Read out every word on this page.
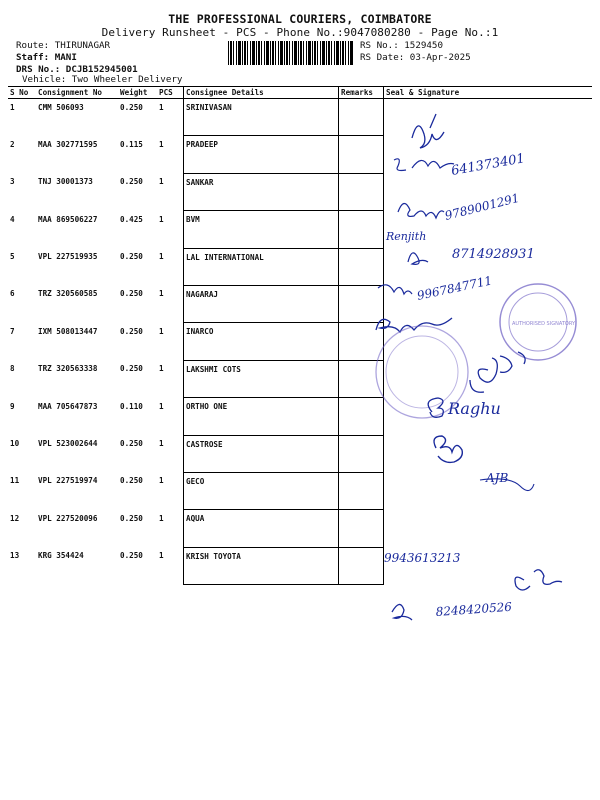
THE PROFESSIONAL COURIERS, COIMBATORE
Delivery Runsheet - PCS - Phone No.:9047080280 - Page No.:1
Route: THIRUNAGAR
Staff: MANI
DRS No.: DCJB152945001
Vehicle: Two Wheeler Delivery
RS No.: 1529450
RS Date: 03-Apr-2025
S No	Consignment No	Weight	PCS	Consignee Details	Remarks	Seal & Signature
1	CMM 506093	0.250	1	SRINIVASAN		
2	MAA 302771595	0.115	1	PRADEEP		
3	TNJ 30001373	0.250	1	SANKAR		
4	MAA 869506227	0.425	1	BVM		
5	VPL 227519935	0.250	1	LAL INTERNATIONAL		
6	TRZ 320560585	0.250	1	NAGARAJ		
7	IXM 508013447	0.250	1	INARCO		
8	TRZ 320563338	0.250	1	LAKSHMI COTS		
9	MAA 705647873	0.110	1	ORTHO ONE		
10	VPL 523002644	0.250	1	CASTROSE		
11	VPL 227519974	0.250	1	GECO		
12	VPL 227520096	0.250	1	AQUA		
13	KRG 354424	0.250	1	KRISH TOYOTA		
641373401
9789001291
Renjith
8714928931
9967847711
AUTHORISED SIGNATORY
Raghu
AJB
9943613213
8248420526
